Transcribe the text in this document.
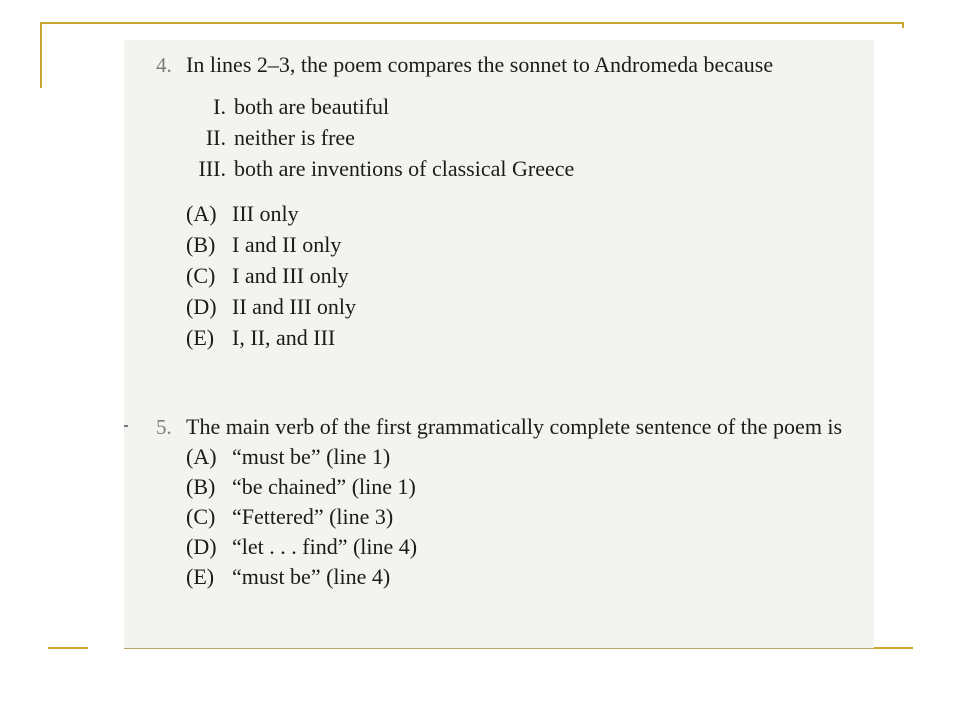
4. In lines 2–3, the poem compares the sonnet to Andromeda because
I. both are beautiful
II. neither is free
III. both are inventions of classical Greece
(A) III only
(B) I and II only
(C) I and III only
(D) II and III only
(E) I, II, and III
5. The main verb of the first grammatically complete sentence of the poem is
(A) “must be” (line 1)
(B) “be chained” (line 1)
(C) “Fettered” (line 3)
(D) “let . . . find” (line 4)
(E) “must be” (line 4)
